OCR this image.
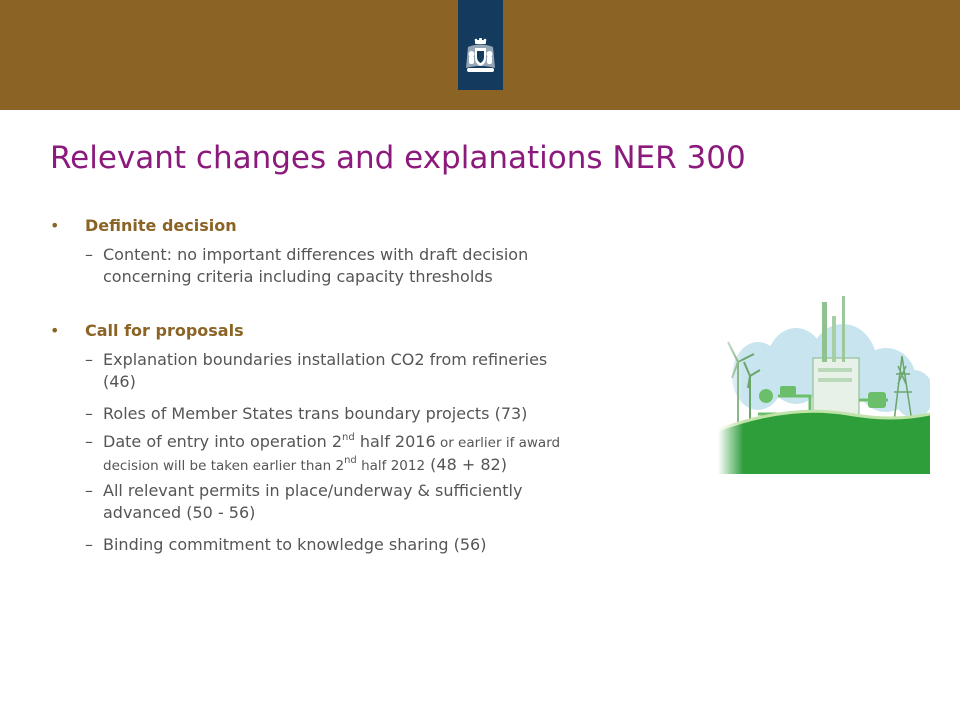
Relevant changes and explanations NER 300
• Definite decision
– Content: no important differences with draft decision
concerning criteria including capacity thresholds
• Call for proposals
– Explanation boundaries installation CO2 from refineries
(46)
– Roles of Member States trans boundary projects (73)
– Date of entry into operation 2nd half 2016 or earlier if award
decision will be taken earlier than 2nd half 2012 (48 + 82)
– All relevant permits in place/underway & sufficiently
advanced (50 - 56)
– Binding commitment to knowledge sharing (56)
